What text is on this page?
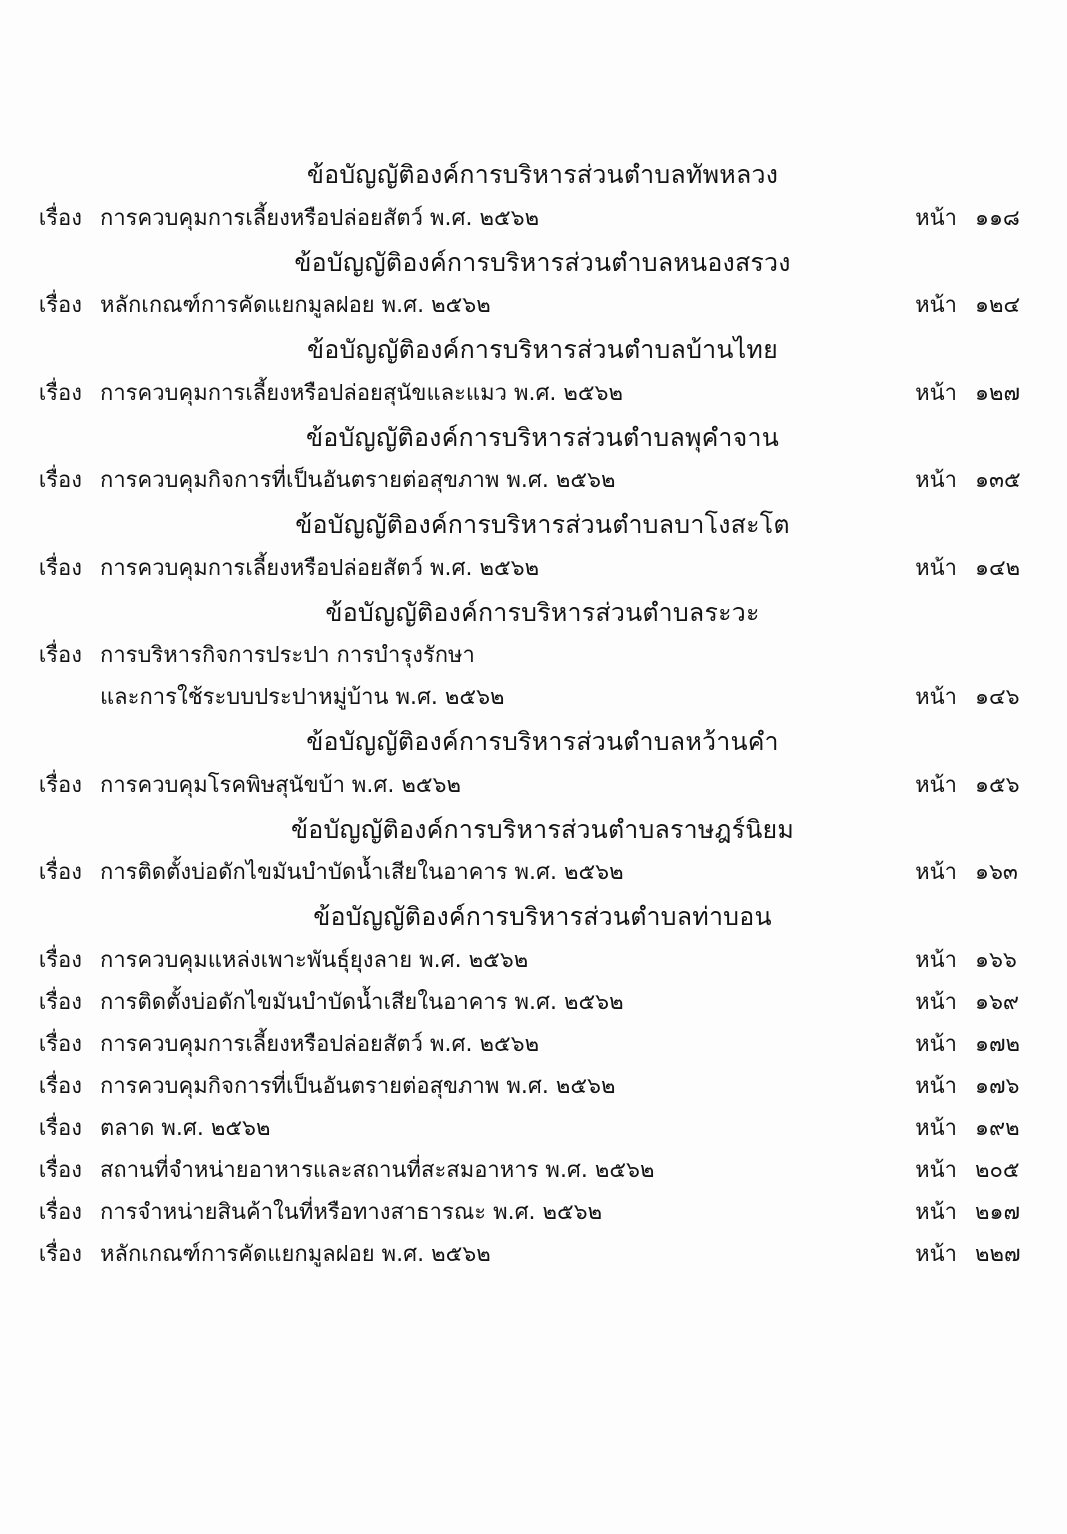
ข้อบัญญัติองค์การบริหารส่วนตำบลทัพหลวง
เรื่อง การควบคุมการเลี้ยงหรือปล่อยสัตว์ พ.ศ. ๒๕๖๒	หน้า ๑๑๘
ข้อบัญญัติองค์การบริหารส่วนตำบลหนองสรวง
เรื่อง หลักเกณฑ์การคัดแยกมูลฝอย พ.ศ. ๒๕๖๒	หน้า ๑๒๔
ข้อบัญญัติองค์การบริหารส่วนตำบลบ้านไทย
เรื่อง การควบคุมการเลี้ยงหรือปล่อยสุนัขและแมว พ.ศ. ๒๕๖๒	หน้า ๑๒๗
ข้อบัญญัติองค์การบริหารส่วนตำบลพุคำจาน
เรื่อง การควบคุมกิจการที่เป็นอันตรายต่อสุขภาพ พ.ศ. ๒๕๖๒	หน้า ๑๓๕
ข้อบัญญัติองค์การบริหารส่วนตำบลบาโงสะโต
เรื่อง การควบคุมการเลี้ยงหรือปล่อยสัตว์ พ.ศ. ๒๕๖๒	หน้า ๑๔๒
ข้อบัญญัติองค์การบริหารส่วนตำบลระวะ
เรื่อง การบริหารกิจการประปา การบำรุงรักษา
และการใช้ระบบประปาหมู่บ้าน พ.ศ. ๒๕๖๒	หน้า ๑๔๖
ข้อบัญญัติองค์การบริหารส่วนตำบลหว้านคำ
เรื่อง การควบคุมโรคพิษสุนัขบ้า พ.ศ. ๒๕๖๒	หน้า ๑๕๖
ข้อบัญญัติองค์การบริหารส่วนตำบลราษฎร์นิยม
เรื่อง การติดตั้งบ่อดักไขมันบำบัดน้ำเสียในอาคาร พ.ศ. ๒๕๖๒	หน้า ๑๖๓
ข้อบัญญัติองค์การบริหารส่วนตำบลท่าบอน
เรื่อง การควบคุมแหล่งเพาะพันธุ์ยุงลาย พ.ศ. ๒๕๖๒	หน้า ๑๖๖
เรื่อง การติดตั้งบ่อดักไขมันบำบัดน้ำเสียในอาคาร พ.ศ. ๒๕๖๒	หน้า ๑๖๙
เรื่อง การควบคุมการเลี้ยงหรือปล่อยสัตว์ พ.ศ. ๒๕๖๒	หน้า ๑๗๒
เรื่อง การควบคุมกิจการที่เป็นอันตรายต่อสุขภาพ พ.ศ. ๒๕๖๒	หน้า ๑๗๖
เรื่อง ตลาด พ.ศ. ๒๕๖๒	หน้า ๑๙๒
เรื่อง สถานที่จำหน่ายอาหารและสถานที่สะสมอาหาร พ.ศ. ๒๕๖๒	หน้า ๒๐๕
เรื่อง การจำหน่ายสินค้าในที่หรือทางสาธารณะ พ.ศ. ๒๕๖๒	หน้า ๒๑๗
เรื่อง หลักเกณฑ์การคัดแยกมูลฝอย พ.ศ. ๒๕๖๒	หน้า ๒๒๗
